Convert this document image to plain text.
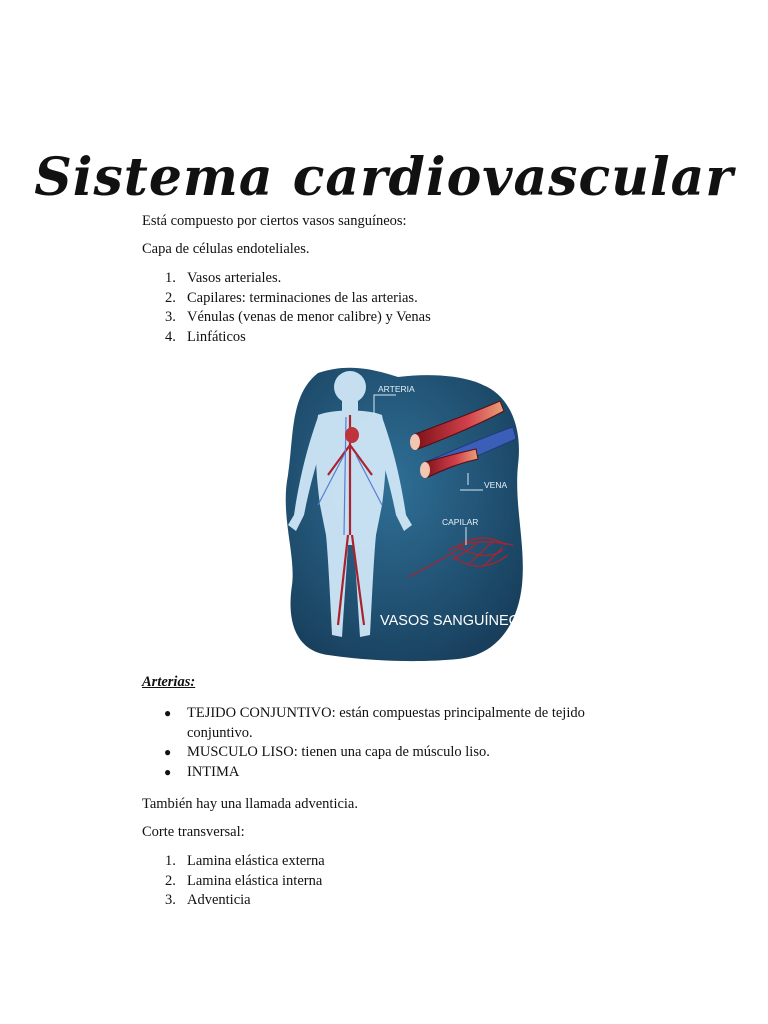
Sistema cardiovascular

Está compuesto por ciertos vasos sanguíneos:

Capa de células endoteliales.

1. Vasos arteriales.
2. Capilares: terminaciones de las arterias.
3. Vénulas (venas de menor calibre) y Venas
4. Linfáticos
ARTERIA
VENA
CAPILAR
VASOS SANGUÍNEOS

Arterias:

● TEJIDO CONJUNTIVO: están compuestas principalmente de tejido conjuntivo.
● MUSCULO LISO: tienen una capa de músculo liso.
● INTIMA

También hay una llamada adventicia.

Corte transversal:

1. Lamina elástica externa
2. Lamina elástica interna
3. Adventicia
